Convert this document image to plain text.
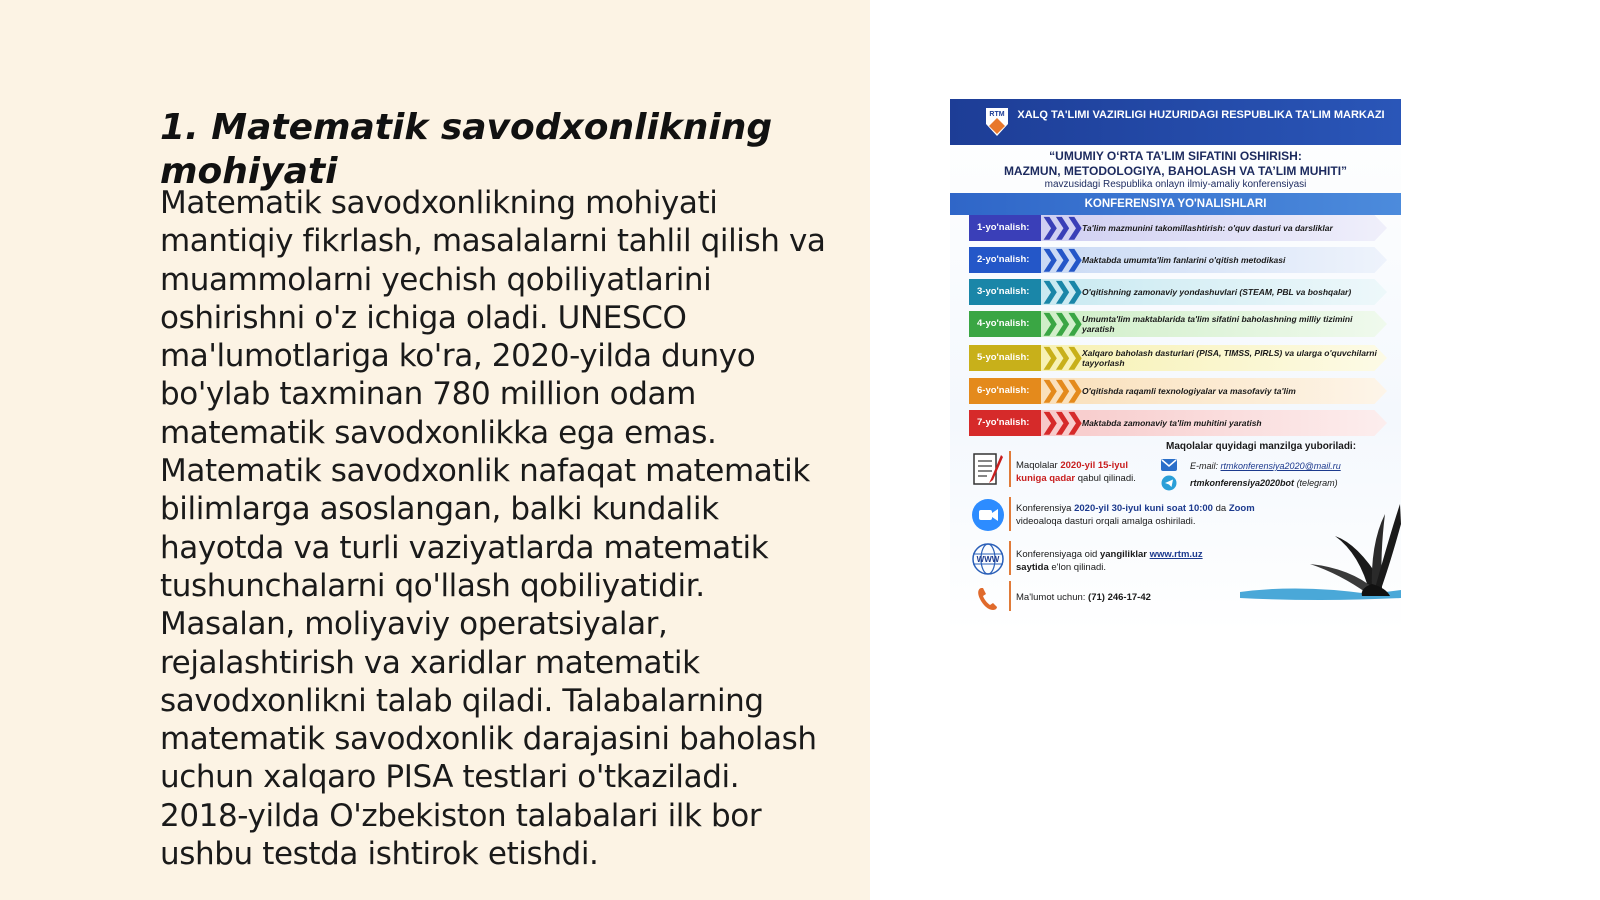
1. Matematik savodxonlikning mohiyati

Matematik savodxonlikning mohiyati mantiqiy fikrlash, masalalarni tahlil qilish va muammolarni yechish qobiliyatlarini oshirishni o'z ichiga oladi. UNESCO ma'lumotlariga ko'ra, 2020-yilda dunyo bo'ylab taxminan 780 million odam matematik savodxonlikka ega emas. Matematik savodxonlik nafaqat matematik bilimlarga asoslangan, balki kundalik hayotda va turli vaziyatlarda matematik tushunchalarni qo'llash qobiliyatidir. Masalan, moliyaviy operatsiyalar, rejalashtirish va xaridlar matematik savodxonlikni talab qiladi. Talabalarning matematik savodxonlik darajasini baholash uchun xalqaro PISA testlari o'tkaziladi. 2018-yilda O'zbekiston talabalari ilk bor ushbu testda ishtirok etishdi.

RTM XALQ TA'LIMI VAZIRLIGI HUZURIDAGI RESPUBLIKA TA'LIM MARKAZI
“UMUMIY O‘RTA TA’LIM SIFATINI OSHIRISH:
MAZMUN, METODOLOGIYA, BAHOLASH VA TA’LIM MUHITI”
mavzusidagi Respublika onlayn ilmiy-amaliy konferensiyasi
KONFERENSIYA YO'NALISHLARI
1-yo'nalish: ❯❯❯ Ta'lim mazmunini takomillashtirish: o'quv dasturi va darsliklar
2-yo'nalish: ❯❯❯ Maktabda umumta'lim fanlarini o'qitish metodikasi
3-yo'nalish: ❯❯❯ O'qitishning zamonaviy yondashuvlari (STEAM, PBL va boshqalar)
4-yo'nalish: ❯❯❯ Umumta'lim maktablarida ta'lim sifatini baholashning milliy tizimini yaratish
5-yo'nalish: ❯❯❯ Xalqaro baholash dasturlari (PISA, TIMSS, PIRLS) va ularga o'quvchilarni tayyorlash
6-yo'nalish: ❯❯❯ O'qitishda raqamli texnologiyalar va masofaviy ta'lim
7-yo'nalish: ❯❯❯ Maktabda zamonaviy ta'lim muhitini yaratish
Maqolalar 2020-yil 15-iyul kuniga qadar qabul qilinadi.
Maqolalar quyidagi manzilga yuboriladi:
E-mail: rtmkonferensiya2020@mail.ru
rtmkonferensiya2020bot (telegram)
Konferensiya 2020-yil 30-iyul kuni soat 10:00 da Zoom videoaloqa dasturi orqali amalga oshiriladi.
WWW Konferensiyaga oid yangiliklar www.rtm.uz saytida e'lon qilinadi.
Ma'lumot uchun: (71) 246-17-42
